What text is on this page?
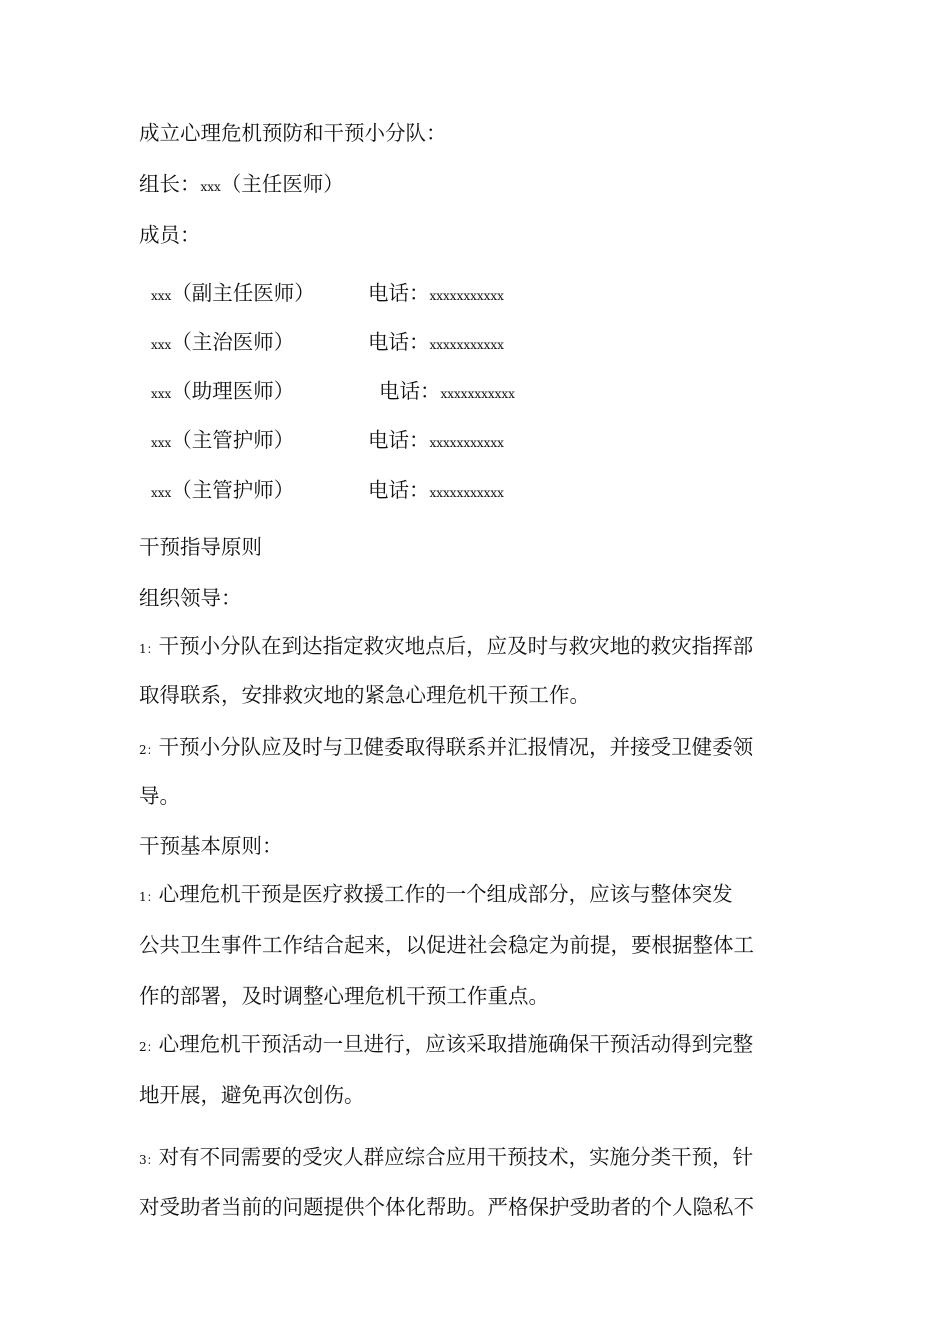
成立心理危机预防和干预小分队：
组长：xxx（主任医师）
成员：
xxx（副主任医师）	电话：xxxxxxxxxxx
xxx（主治医师）	电话：xxxxxxxxxxx
xxx（助理医师）	电话：xxxxxxxxxxx
xxx（主管护师）	电话：xxxxxxxxxxx
xxx（主管护师）	电话：xxxxxxxxxxx
干预指导原则
组织领导：
1：干预小分队在到达指定救灾地点后，应及时与救灾地的救灾指挥部
取得联系，安排救灾地的紧急心理危机干预工作。
2：干预小分队应及时与卫健委取得联系并汇报情况，并接受卫健委领
导。
干预基本原则：
1：心理危机干预是医疗救援工作的一个组成部分，应该与整体突发
公共卫生事件工作结合起来，以促进社会稳定为前提，要根据整体工
作的部署，及时调整心理危机干预工作重点。
2：心理危机干预活动一旦进行，应该采取措施确保干预活动得到完整
地开展，避免再次创伤。
3：对有不同需要的受灾人群应综合应用干预技术，实施分类干预，针
对受助者当前的问题提供个体化帮助。严格保护受助者的个人隐私不
